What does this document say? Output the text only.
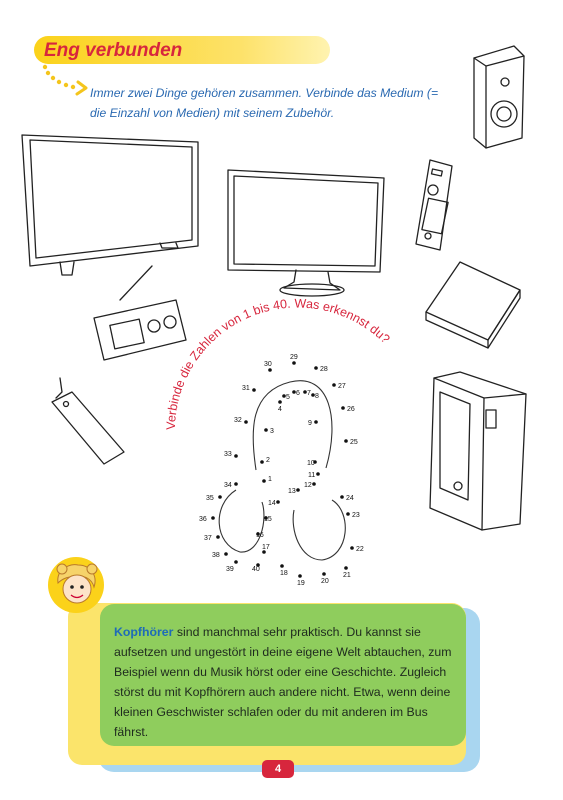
Eng verbunden
Immer zwei Dinge gehören zusammen. Verbinde das Medium (= die Einzahl von Medien) mit seinem Zubehör.
Verbinde die Zahlen von 1 bis 40. Was erkennst du?
1
2
3
4
5
6 7 8
9
10
11
12
13
14
15
16
17
18
19 20
21
22
23
24
25
26
27
28
29
30
31
32
33
34
35
36
37
38
39	40
Kopfhörer sind manchmal sehr praktisch. Du kannst sie aufsetzen und ungestört in deine eigene Welt abtauchen, zum Beispiel wenn du Musik hörst oder eine Geschichte. Zugleich störst du mit Kopfhörern auch andere nicht. Etwa, wenn deine kleinen Geschwister schlafen oder du mit anderen im Bus fährst.
4
